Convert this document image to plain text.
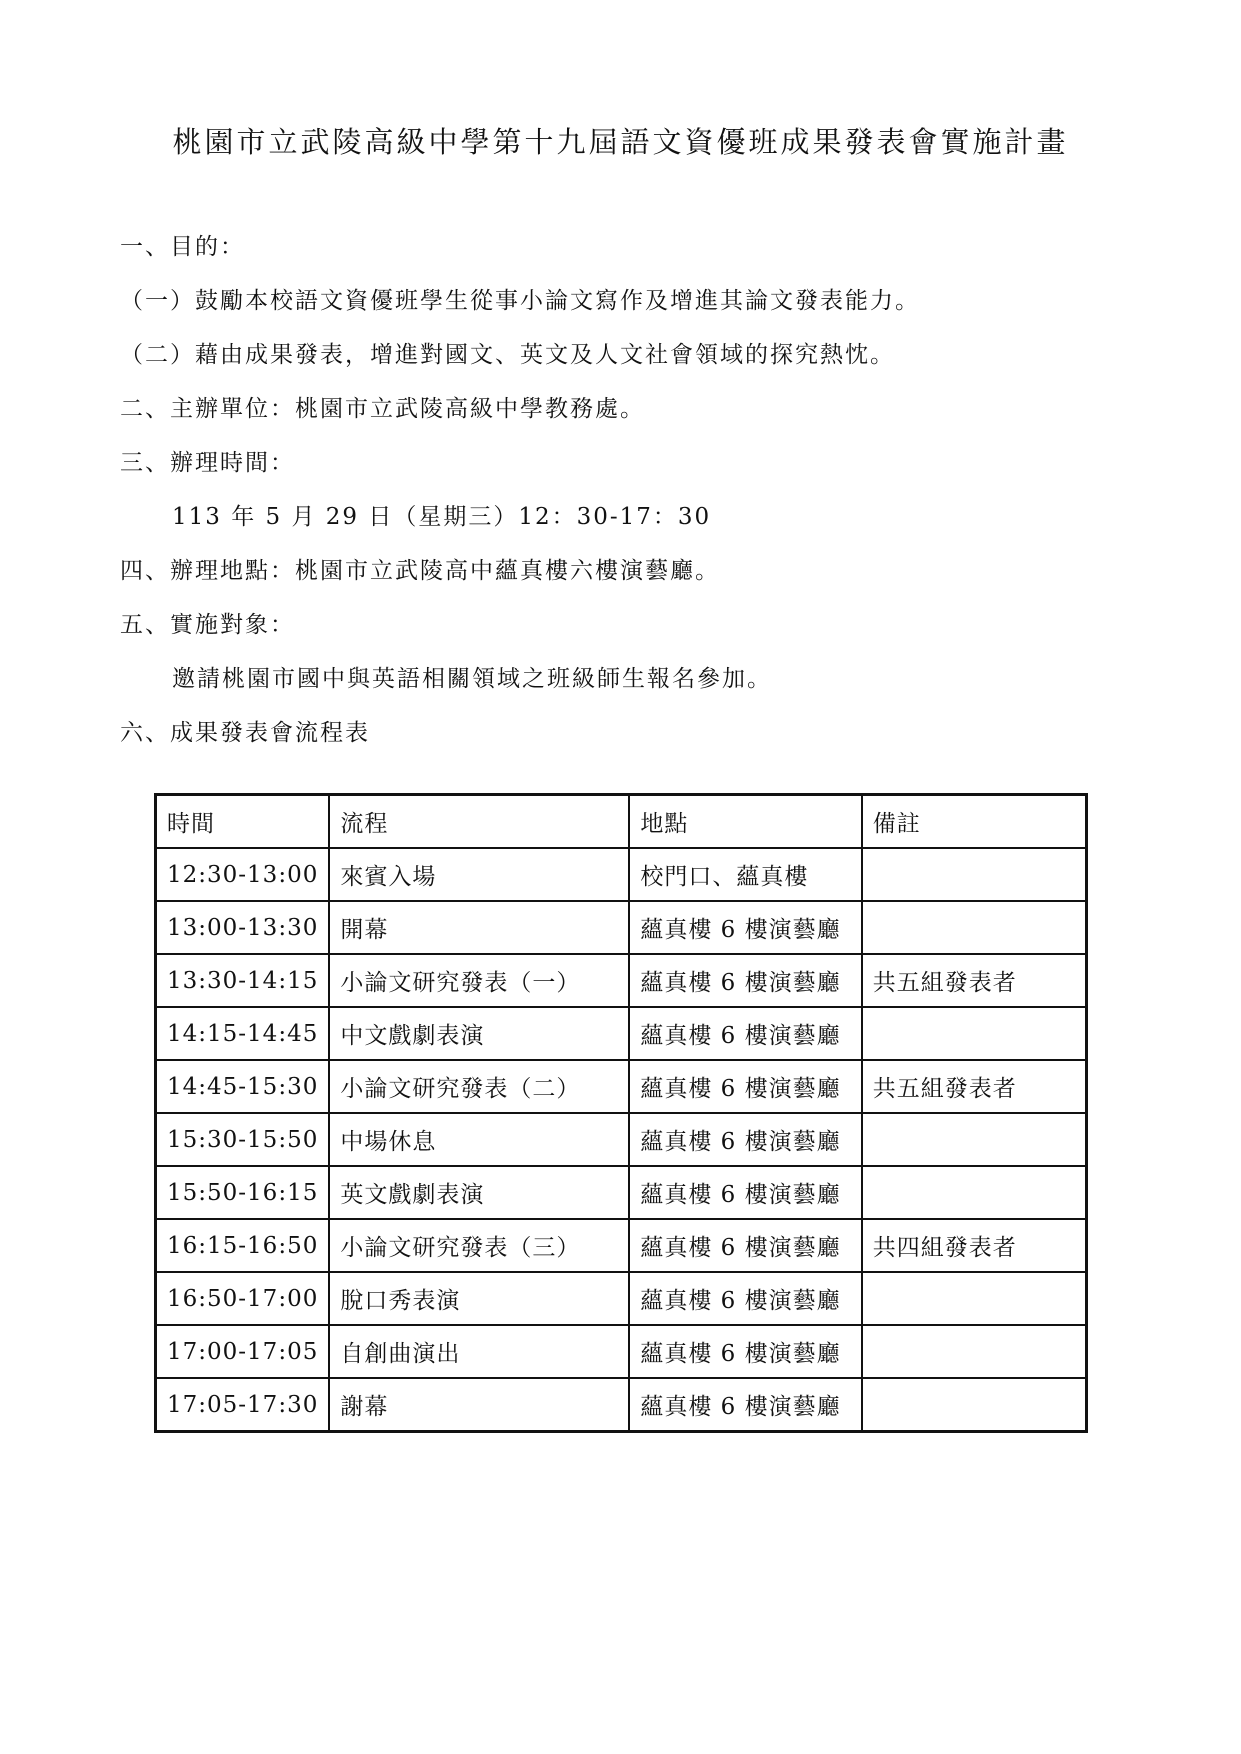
桃園市立武陵高級中學第十九屆語文資優班成果發表會實施計畫

一、目的：

（一）鼓勵本校語文資優班學生從事小論文寫作及增進其論文發表能力。

（二）藉由成果發表，增進對國文、英文及人文社會領域的探究熱忱。

二、主辦單位：桃園市立武陵高級中學教務處。

三、辦理時間：

113 年 5 月 29 日（星期三）12：30-17：30

四、辦理地點：桃園市立武陵高中蘊真樓六樓演藝廳。

五、實施對象：

邀請桃園市國中與英語相關領域之班級師生報名參加。

六、成果發表會流程表

時間	流程	地點	備註
12:30-13:00	來賓入場	校門口、蘊真樓	
13:00-13:30	開幕	蘊真樓 6 樓演藝廳	
13:30-14:15	小論文研究發表（一）	蘊真樓 6 樓演藝廳	共五組發表者
14:15-14:45	中文戲劇表演	蘊真樓 6 樓演藝廳	
14:45-15:30	小論文研究發表（二）	蘊真樓 6 樓演藝廳	共五組發表者
15:30-15:50	中場休息	蘊真樓 6 樓演藝廳	
15:50-16:15	英文戲劇表演	蘊真樓 6 樓演藝廳	
16:15-16:50	小論文研究發表（三）	蘊真樓 6 樓演藝廳	共四組發表者
16:50-17:00	脫口秀表演	蘊真樓 6 樓演藝廳	
17:00-17:05	自創曲演出	蘊真樓 6 樓演藝廳	
17:05-17:30	謝幕	蘊真樓 6 樓演藝廳	
